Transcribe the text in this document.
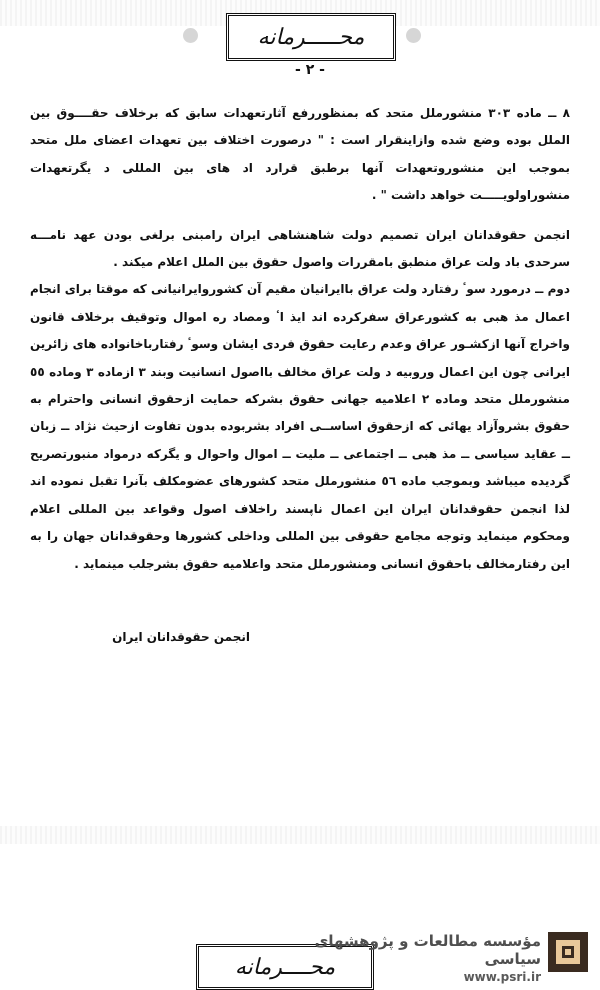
محـــــرمانه
- ٢ -

٨ ــ ماده ٣٠٣ منشورملل متحد كه بمنظوررفع آثارتعهدات سابق كه برخلاف حقــــوق بين الملل بوده وضع شده وازاينقرار است : " درصورت اختلاف بين تعهدات اعضاى ملل متحد بموجب اين منشوروتعهدات آنها برطبق قرارد اد هاى بين المللى د يگرتعهدات منشوراولويـــــت خواهد داشت " .

انجمن حقوقدانان ايران تصميم دولت شاهنشاهى ايران رامبنى برلغى بودن عهد نامـــه سرحدى باد ولت عراق منطبق بامقررات واصول حقوق بين الملل اعلام ميكند .

دوم ــ درمورد سوٴ رفتارد ولت عراق باايرانيان مقيم آن كشوروايرانيانى كه موقتا براى انجام اعمال مذ هبى به كشورعراق سفركرده اند ايذ اٴ ومصاد ره اموال وتوقيف برخلاف قانون واخراج آنها ازكشـور عراق وعدم رعايت حقوق فردى ايشان وسوٴ رفتارباخانواده هاى زائرين ايرانى چون اين اعمال وروبيه د ولت عراق مخالف بااصول انسانيت وبند ٣ ازماده ٣ وماده ٥٥ منشورملل متحد وماده ٢ اعلاميه جهانى حقوق بشركه حمايت ازحقوق انسانى واحترام به حقوق بشروآزاد يهائى كه ازحقوق اساســى افراد بشربوده بدون تفاوت ازحيث نژاد ــ زبان ــ عقايد سياسى ــ مذ هبى ــ اجتماعى ــ مليت ــ اموال واحوال و يگركه درمواد منبورتصريح گرديده ميباشد وبموجب ماده ٥٦ منشورملل متحد كشورهاى عضومكلف بآنرا تقبل نموده اند لذا انجمن حقوقدانان ايران اين اعمال ناپسند راخلاف اصول وقواعد بين المللى اعلام ومحكوم مينمايد وتوجه مجامع حقوقى بين المللى وداخلى كشورها وحقوقدانان جهان را به اين رفتارمخالف باحقوق انسانى ومنشورملل متحد واعلاميه حقوق بشرجلب مينمايد .

انجمن حقوقدانان ايران
محــــرمانه
مؤسسه مطالعات و پژوهشهای سیاسی
www.psri.ir
